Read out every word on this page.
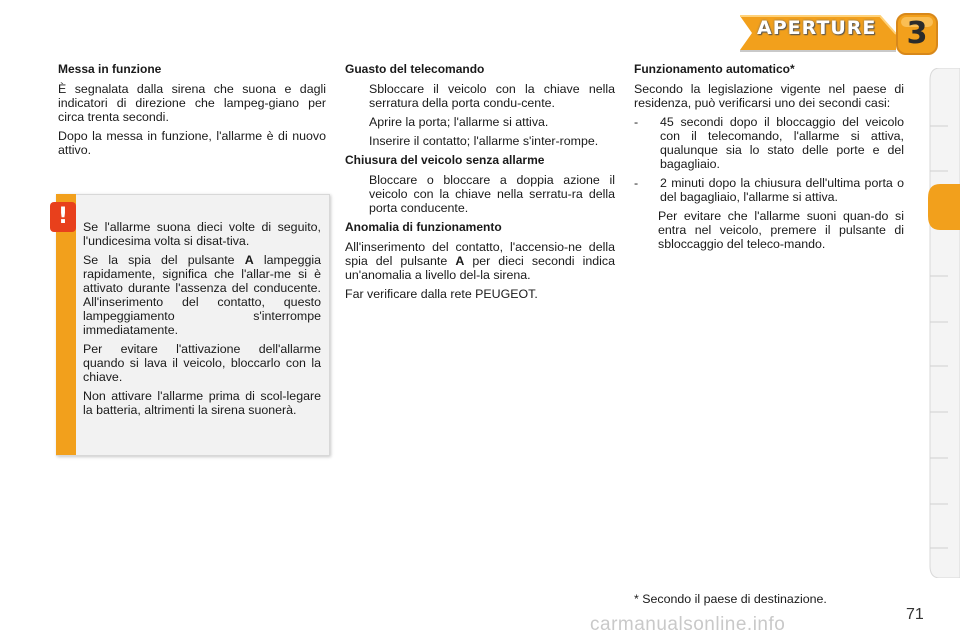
APERTURE	3
Messa in funzione

È segnalata dalla sirena che suona e dagli indicatori di direzione che lampeg-giano per circa trenta secondi.

Dopo la messa in funzione, l'allarme è di nuovo attivo.

!	Se l'allarme suona dieci volte di seguito, l'undicesima volta si disat-tiva.

Se la spia del pulsante A lampeggia rapidamente, significa che l'allar-me si è attivato durante l'assenza del conducente. All'inserimento del contatto, questo lampeggiamento s'interrompe immediatamente.

Per evitare l'attivazione dell'allarme quando si lava il veicolo, bloccarlo con la chiave.

Non attivare l'allarme prima di scol-legare la batteria, altrimenti la sirena suonerà.

Guasto del telecomando
Sbloccare il veicolo con la chiave nella serratura della porta condu-cente.
Aprire la porta; l'allarme si attiva.
Inserire il contatto; l'allarme s'inter-rompe.
Chiusura del veicolo senza allarme
Bloccare o bloccare a doppia azione il veicolo con la chiave nella serratu-ra della porta conducente.
Anomalia di funzionamento

All'inserimento del contatto, l'accensio-ne della spia del pulsante A per dieci secondi indica un'anomalia a livello del-la sirena.

Far verificare dalla rete PEUGEOT.

Funzionamento automatico*

Secondo la legislazione vigente nel paese di residenza, può verificarsi uno dei secondi casi:

-	45 secondi dopo il bloccaggio del veicolo con il telecomando, l'allarme si attiva, qualunque sia lo stato delle porte e del bagagliaio.
-	2 minuti dopo la chiusura dell'ultima porta o del bagagliaio, l'allarme si attiva.
Per evitare che l'allarme suoni quan-do si entra nel veicolo, premere il pulsante di sbloccaggio del teleco-mando.
* Secondo il paese di destinazione.
71
carmanualsonline.info
